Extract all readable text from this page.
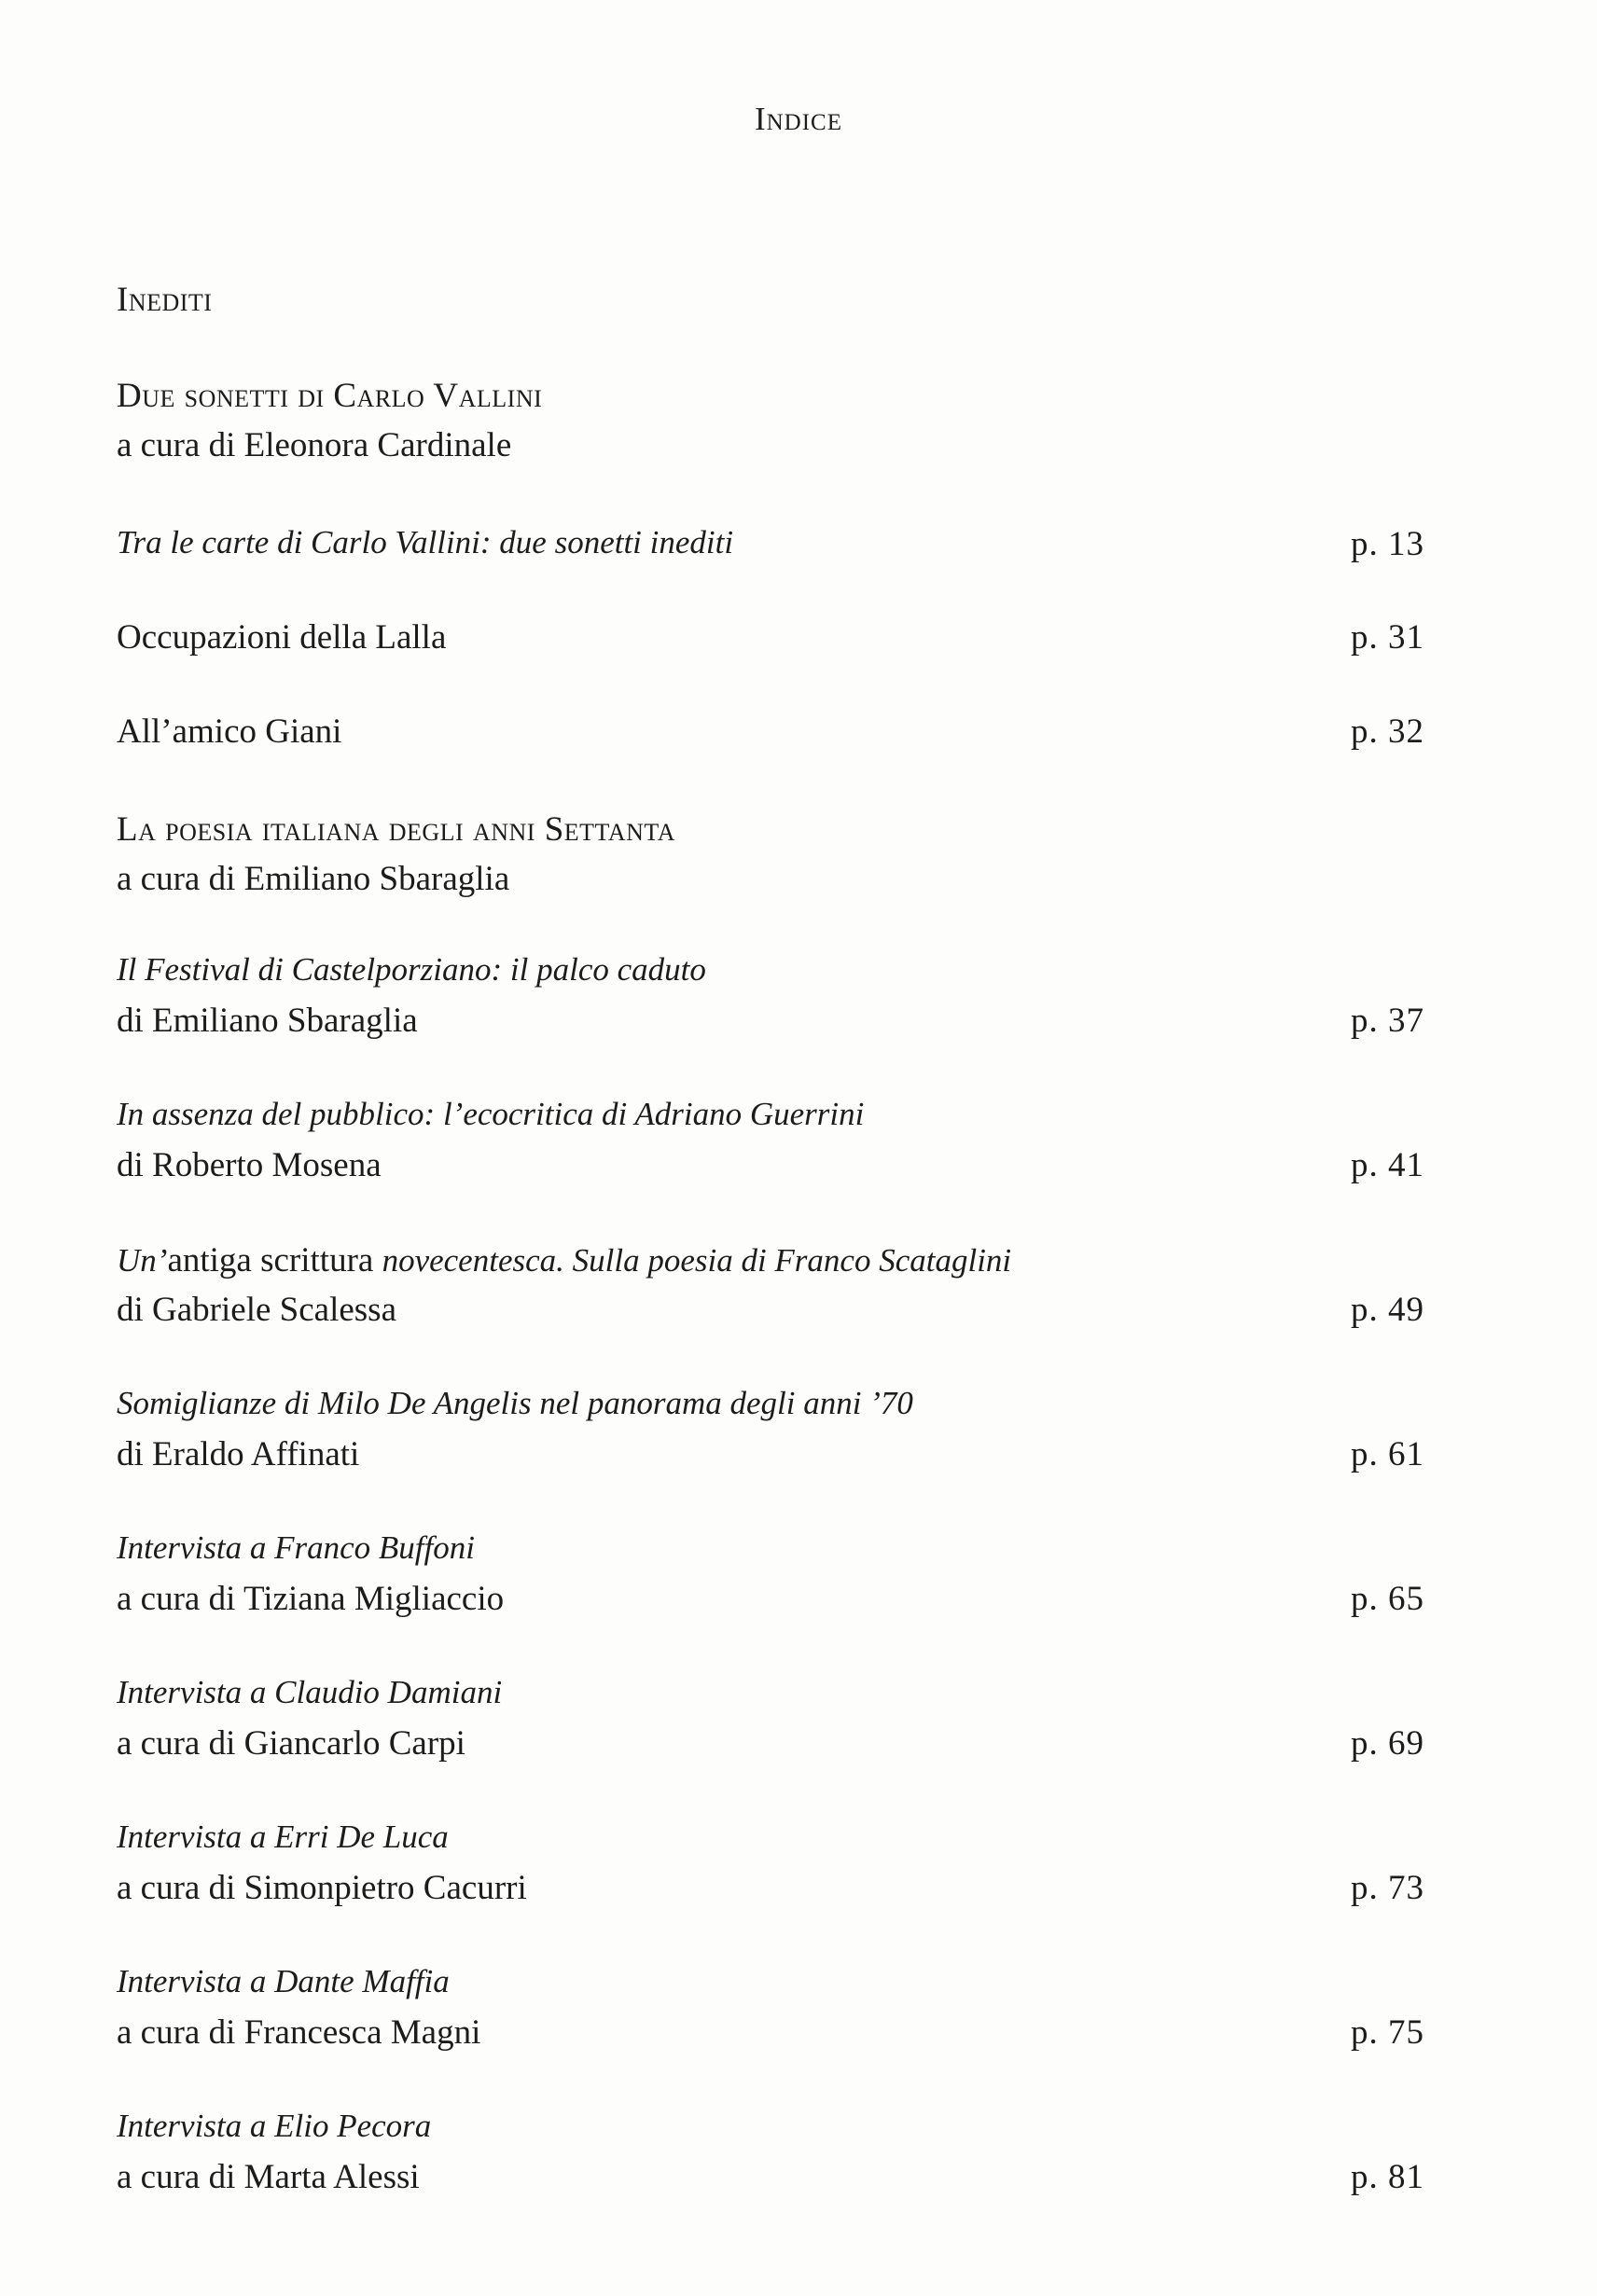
Indice
Inediti
Due sonetti di Carlo Vallini
a cura di Eleonora Cardinale
Tra le carte di Carlo Vallini: due sonetti inediti	p. 13
Occupazioni della Lalla	p. 31
All’amico Giani	p. 32
La poesia italiana degli anni Settanta
a cura di Emiliano Sbaraglia
Il Festival di Castelporziano: il palco caduto
di Emiliano Sbaraglia	p. 37
In assenza del pubblico: l’ecocritica di Adriano Guerrini
di Roberto Mosena	p. 41
Un’antiga scrittura novecentesca. Sulla poesia di Franco Scataglini
di Gabriele Scalessa	p. 49
Somiglianze di Milo De Angelis nel panorama degli anni ’70
di Eraldo Affinati	p. 61
Intervista a Franco Buffoni
a cura di Tiziana Migliaccio	p. 65
Intervista a Claudio Damiani
a cura di Giancarlo Carpi	p. 69
Intervista a Erri De Luca
a cura di Simonpietro Cacurri	p. 73
Intervista a Dante Maffia
a cura di Francesca Magni	p. 75
Intervista a Elio Pecora
a cura di Marta Alessi	p. 81
